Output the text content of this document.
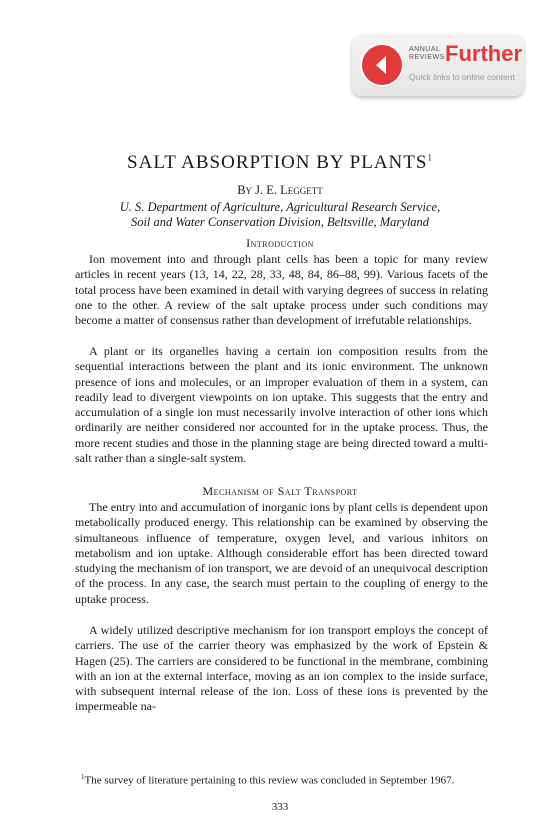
ANNUAL
REVIEWS Further
Quick links to online content
SALT ABSORPTION BY PLANTS$^1$
By J. E. Leggett
U. S. Department of Agriculture, Agricultural Research Service,
Soil and Water Conservation Division, Beltsville, Maryland
Introduction

Ion movement into and through plant cells has been a topic for many review articles in recent years (13, 14, 22, 28, 33, 48, 84, 86–88, 99). Various facets of the total process have been examined in detail with varying degrees of success in relating one to the other. A review of the salt uptake process under such conditions may become a matter of consensus rather than development of irrefutable relationships.

A plant or its organelles having a certain ion composition results from the sequential interactions between the plant and its ionic environment. The unknown presence of ions and molecules, or an improper evaluation of them in a system, can readily lead to divergent viewpoints on ion uptake. This suggests that the entry and accumulation of a single ion must necessarily involve interaction of other ions which ordinarily are neither considered nor accounted for in the uptake process. Thus, the more recent studies and those in the planning stage are being directed toward a multi-salt rather than a single-salt system.

Mechanism of Salt Transport

The entry into and accumulation of inorganic ions by plant cells is dependent upon metabolically produced energy. This relationship can be examined by observing the simultaneous influence of temperature, oxygen level, and various inhitors on metabolism and ion uptake. Although considerable effort has been directed toward studying the mechanism of ion transport, we are devoid of an unequivocal description of the process. In any case, the search must pertain to the coupling of energy to the uptake process.

A widely utilized descriptive mechanism for ion transport employs the concept of carriers. The use of the carrier theory was emphasized by the work of Epstein & Hagen (25). The carriers are considered to be functional in the membrane, combining with an ion at the external interface, moving as an ion complex to the inside surface, with subsequent internal release of the ion. Loss of these ions is prevented by the impermeable na-

$^1$The survey of literature pertaining to this review was concluded in September 1967.

333
